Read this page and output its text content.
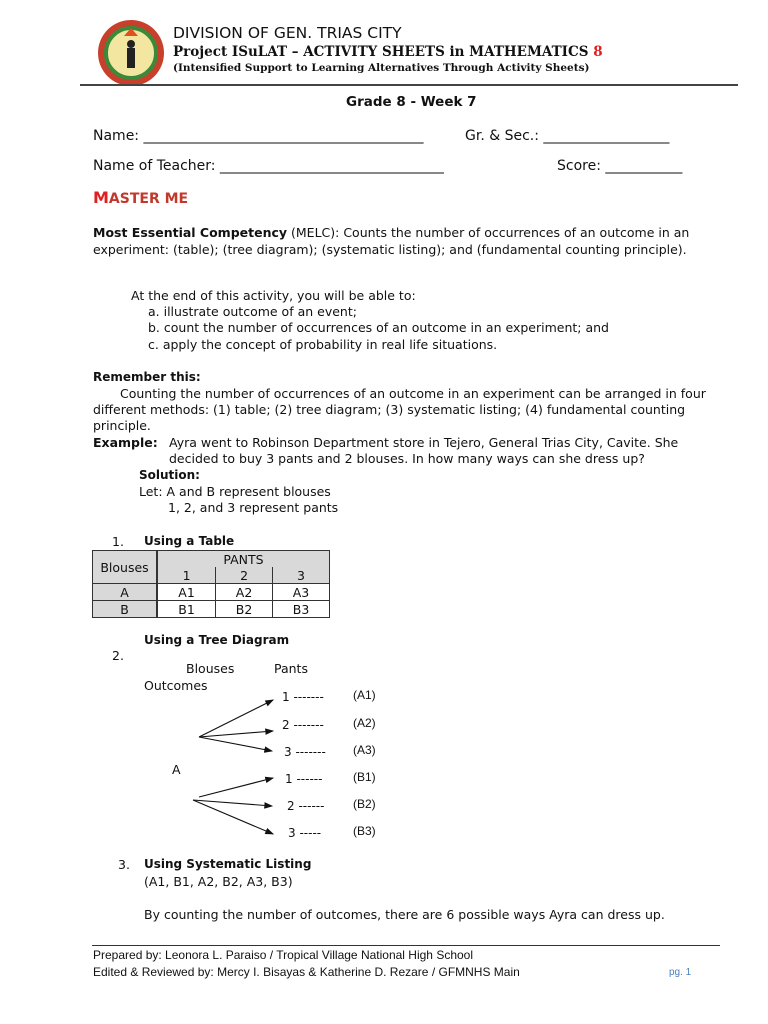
DIVISION OF GEN. TRIAS CITY
Project ISuLAT – ACTIVITY SHEETS in MATHEMATICS 8
(Intensified Support to Learning Alternatives Through Activity Sheets)
Grade 8 - Week 7
Name: ________________________________________	Gr. & Sec.: __________________
Name of Teacher: ________________________________	Score: ___________
MASTER ME
Most Essential Competency (MELC): Counts the number of occurrences of an outcome in an experiment: (table); (tree diagram); (systematic listing); and (fundamental counting principle).
At the end of this activity, you will be able to:
a. illustrate outcome of an event;
b. count the number of occurrences of an outcome in an experiment; and
c. apply the concept of probability in real life situations.
Remember this:
Counting the number of occurrences of an outcome in an experiment can be arranged in four different methods: (1) table; (2) tree diagram; (3) systematic listing; (4) fundamental counting principle.
Example: Ayra went to Robinson Department store in Tejero, General Trias City, Cavite. She
decided to buy 3 pants and 2 blouses. In how many ways can she dress up?
Solution:
Let: A and B represent blouses
1, 2, and 3 represent pants
1. Using a Table
Blouses	PANTS		
	1	2	3
A	A1	A2	A3
B	B1	B2	B3
Using a Tree Diagram
2.
Blouses	Pants
Outcomes
A
1 ------- (A1)
2 ------- (A2)
3 ------- (A3)
1 ------	(B1)
2 ------ (B2)
3 -----	(B3)
3. Using Systematic Listing
(A1, B1, A2, B2, A3, B3)
By counting the number of outcomes, there are 6 possible ways Ayra can dress up.
Prepared by: Leonora L. Paraiso / Tropical Village National High School
Edited & Reviewed by: Mercy I. Bisayas & Katherine D. Rezare / GFMNHS Main	pg. 1
